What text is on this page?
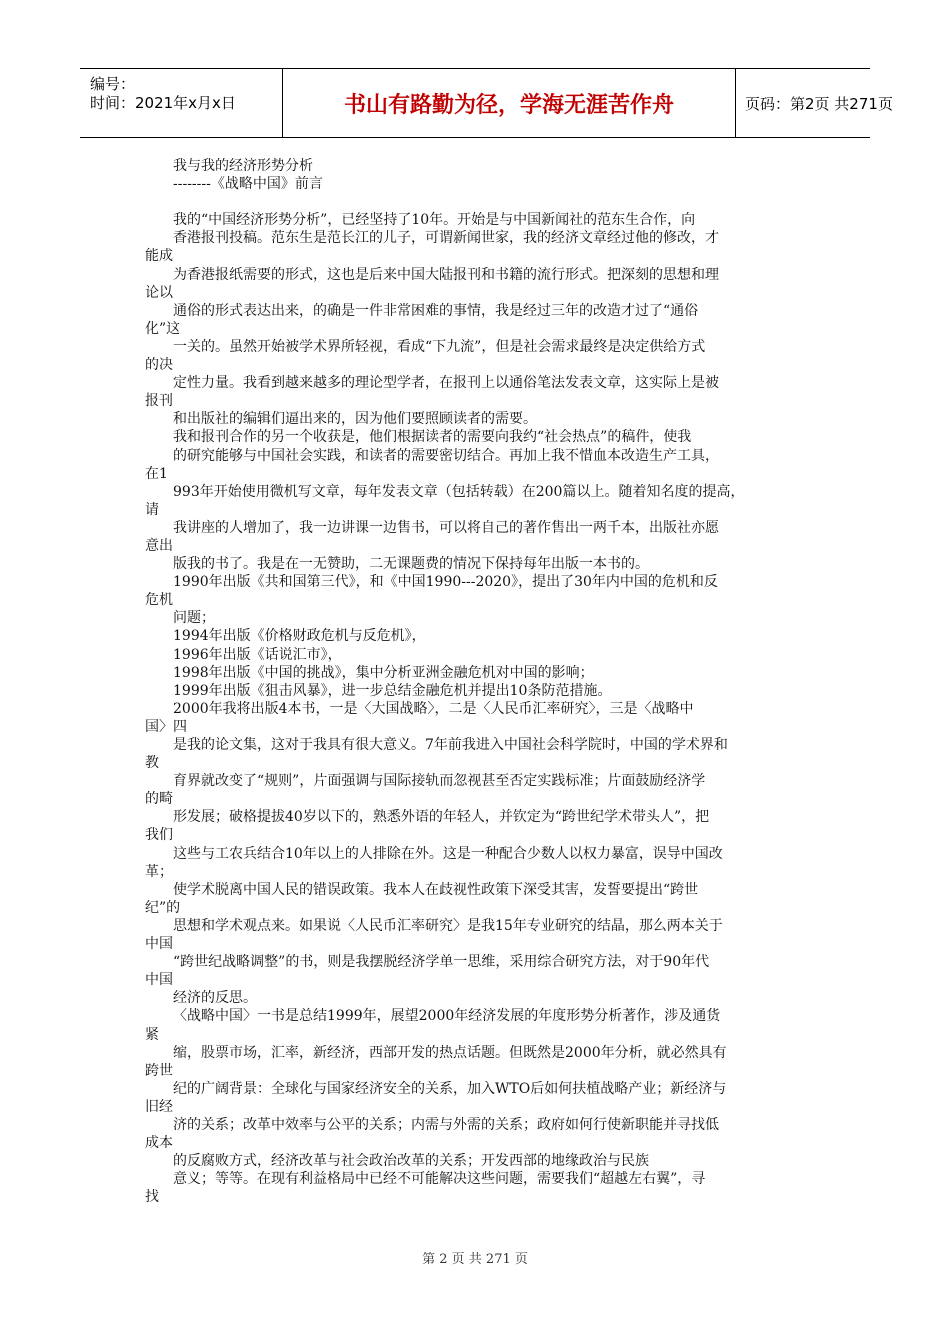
编号：
时间：2021年x月x日	书山有路勤为径，学海无涯苦作舟	页码：第2页 共271页
我与我的经济形势分析
--------《战略中国》前言
我的“中国经济形势分析”，已经坚持了10年。开始是与中国新闻社的范东生合作，向
香港报刊投稿。范东生是范长江的儿子，可谓新闻世家，我的经济文章经过他的修改，才
能成
为香港报纸需要的形式，这也是后来中国大陆报刊和书籍的流行形式。把深刻的思想和理
论以
通俗的形式表达出来，的确是一件非常困难的事情，我是经过三年的改造才过了“通俗
化”这
一关的。虽然开始被学术界所轻视，看成“下九流”，但是社会需求最终是决定供给方式
的决
定性力量。我看到越来越多的理论型学者，在报刊上以通俗笔法发表文章，这实际上是被
报刊
和出版社的编辑们逼出来的，因为他们要照顾读者的需要。
我和报刊合作的另一个收获是，他们根据读者的需要向我约“社会热点”的稿件，使我
的研究能够与中国社会实践，和读者的需要密切结合。再加上我不惜血本改造生产工具，
在1
993年开始使用微机写文章，每年发表文章（包括转载）在200篇以上。随着知名度的提高，
请
我讲座的人增加了，我一边讲课一边售书，可以将自己的著作售出一两千本，出版社亦愿
意出
版我的书了。我是在一无赞助，二无课题费的情况下保持每年出版一本书的。
1990年出版《共和国第三代》，和《中国1990---2020》，提出了30年内中国的危机和反
危机
问题；
1994年出版《价格财政危机与反危机》，
1996年出版《话说汇市》，
1998年出版《中国的挑战》，集中分析亚洲金融危机对中国的影响；
1999年出版《狙击风暴》，进一步总结金融危机并提出10条防范措施。
2000年我将出版4本书，一是〈大国战略〉，二是〈人民币汇率研究〉，三是〈战略中
国〉四
是我的论文集，这对于我具有很大意义。7年前我进入中国社会科学院时，中国的学术界和
教
育界就改变了“规则”，片面强调与国际接轨而忽视甚至否定实践标准；片面鼓励经济学
的畸
形发展；破格提拔40岁以下的，熟悉外语的年轻人，并钦定为“跨世纪学术带头人”，把
我们
这些与工农兵结合10年以上的人排除在外。这是一种配合少数人以权力暴富，误导中国改
革；
使学术脱离中国人民的错误政策。我本人在歧视性政策下深受其害，发誓要提出“跨世
纪”的
思想和学术观点来。如果说〈人民币汇率研究〉是我15年专业研究的结晶，那么两本关于
中国
“跨世纪战略调整”的书，则是我摆脱经济学单一思维，采用综合研究方法，对于90年代
中国
经济的反思。
〈战略中国〉一书是总结1999年，展望2000年经济发展的年度形势分析著作，涉及通货
紧
缩，股票市场，汇率，新经济，西部开发的热点话题。但既然是2000年分析，就必然具有
跨世
纪的广阔背景：全球化与国家经济安全的关系，加入WTO后如何扶植战略产业；新经济与
旧经
济的关系；改革中效率与公平的关系；内需与外需的关系；政府如何行使新职能并寻找低
成本
的反腐败方式，经济改革与社会政治改革的关系；开发西部的地缘政治与民族
意义；等等。在现有利益格局中已经不可能解决这些问题，需要我们“超越左右翼”，寻
找
第 2 页 共 271 页
